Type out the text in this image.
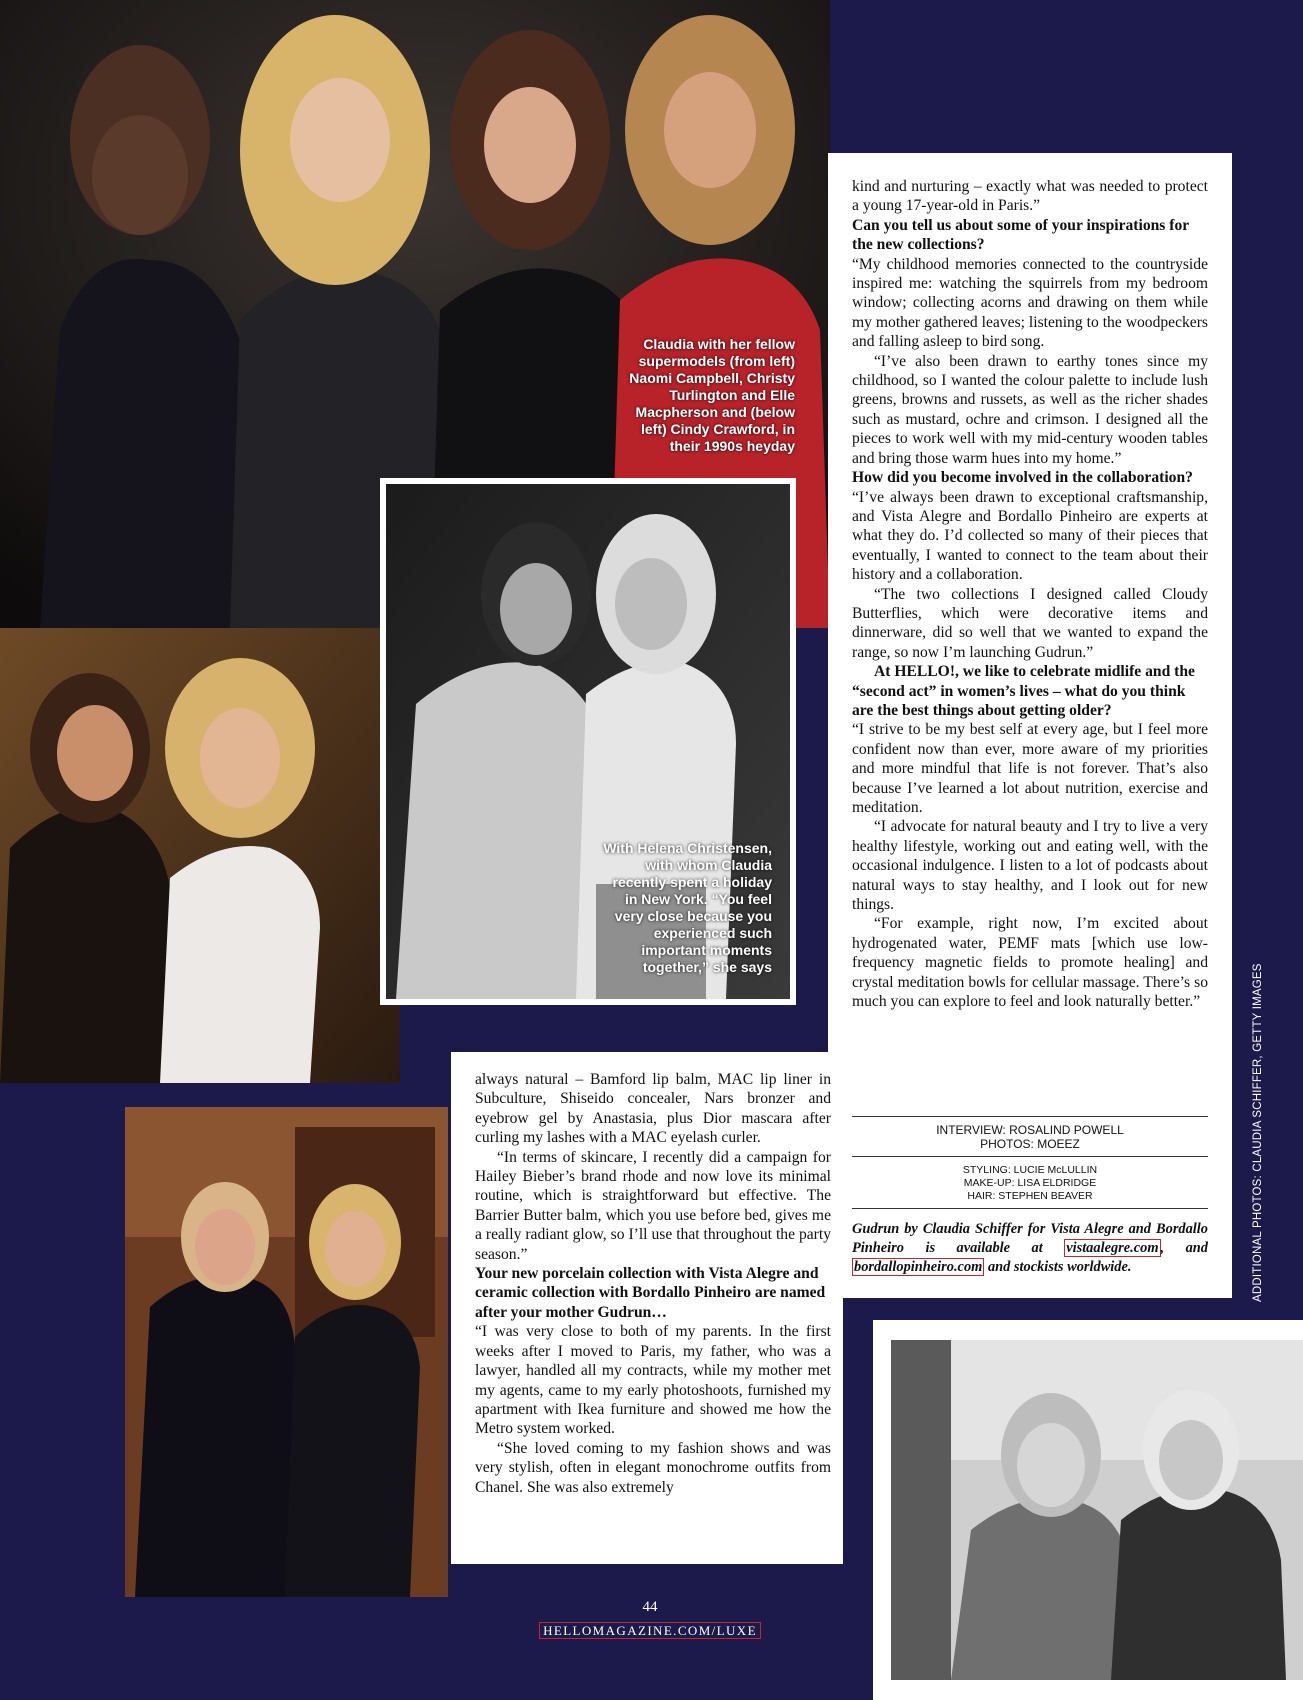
With Helena Christensen, with whom Claudia recently spent a holiday in New York. “You feel very close because you experienced such important moments together,” she says
Claudia with her fellow supermodels (from left) Naomi Campbell, Christy Turlington and Elle Macpherson and (below left) Cindy Crawford, in their 1990s heyday

kind and nurturing – exactly what was needed to protect a young 17-year-old in Paris.”

Can you tell us about some of your inspirations for the new collections?

“My childhood memories connected to the countryside inspired me: watching the squirrels from my bedroom window; collecting acorns and drawing on them while my mother gathered leaves; listening to the woodpeckers and falling asleep to bird song.

“I’ve also been drawn to earthy tones since my childhood, so I wanted the colour palette to include lush greens, browns and russets, as well as the richer shades such as mustard, ochre and crimson. I designed all the pieces to work well with my mid-century wooden tables and bring those warm hues into my home.”

How did you become involved in the collaboration?

“I’ve always been drawn to exceptional craftsmanship, and Vista Alegre and Bordallo Pinheiro are experts at what they do. I’d collected so many of their pieces that eventually, I wanted to connect to the team about their history and a collaboration.

“The two collections I designed called Cloudy Butterflies, which were decorative items and dinnerware, did so well that we wanted to expand the range, so now I’m launching Gudrun.”

At HELLO!, we like to celebrate midlife and the “second act” in women’s lives – what do you think are the best things about getting older?

“I strive to be my best self at every age, but I feel more confident now than ever, more aware of my priorities and more mindful that life is not forever. That’s also because I’ve learned a lot about nutrition, exercise and meditation.

“I advocate for natural beauty and I try to live a very healthy lifestyle, working out and eating well, with the occasional indulgence. I listen to a lot of podcasts about natural ways to stay healthy, and I look out for new things.

“For example, right now, I’m excited about hydrogenated water, PEMF mats [which use low-frequency magnetic fields to promote healing] and crystal meditation bowls for cellular massage. There’s so much you can explore to feel and look naturally better.”

INTERVIEW: ROSALIND POWELL
PHOTOS: MOEEZ
STYLING: LUCIE McLULLIN
MAKE-UP: LISA ELDRIDGE
HAIR: STEPHEN BEAVER
Gudrun by Claudia Schiffer for Vista Alegre and Bordallo Pinheiro is available at vistaalegre.com , and bordallopinheiro.com and stockists worldwide.

always natural – Bamford lip balm, MAC lip liner in Subculture, Shiseido concealer, Nars bronzer and eyebrow gel by Anastasia, plus Dior mascara after curling my lashes with a MAC eyelash curler.

“In terms of skincare, I recently did a campaign for Hailey Bieber’s brand rhode and now love its minimal routine, which is straightforward but effective. The Barrier Butter balm, which you use before bed, gives me a really radiant glow, so I’ll use that throughout the party season.”

Your new porcelain collection with Vista Alegre and ceramic collection with Bordallo Pinheiro are named after your mother Gudrun…

“I was very close to both of my parents. In the first weeks after I moved to Paris, my father, who was a lawyer, handled all my contracts, while my mother met my agents, came to my early photoshoots, furnished my apartment with Ikea furniture and showed me how the Metro system worked.

“She loved coming to my fashion shows and was very stylish, often in elegant monochrome outfits from Chanel. She was also extremely

ADDITIONAL PHOTOS: CLAUDIA SCHIFFER, GETTY IMAGES
44
HELLOMAGAZINE.COM/LUXE
